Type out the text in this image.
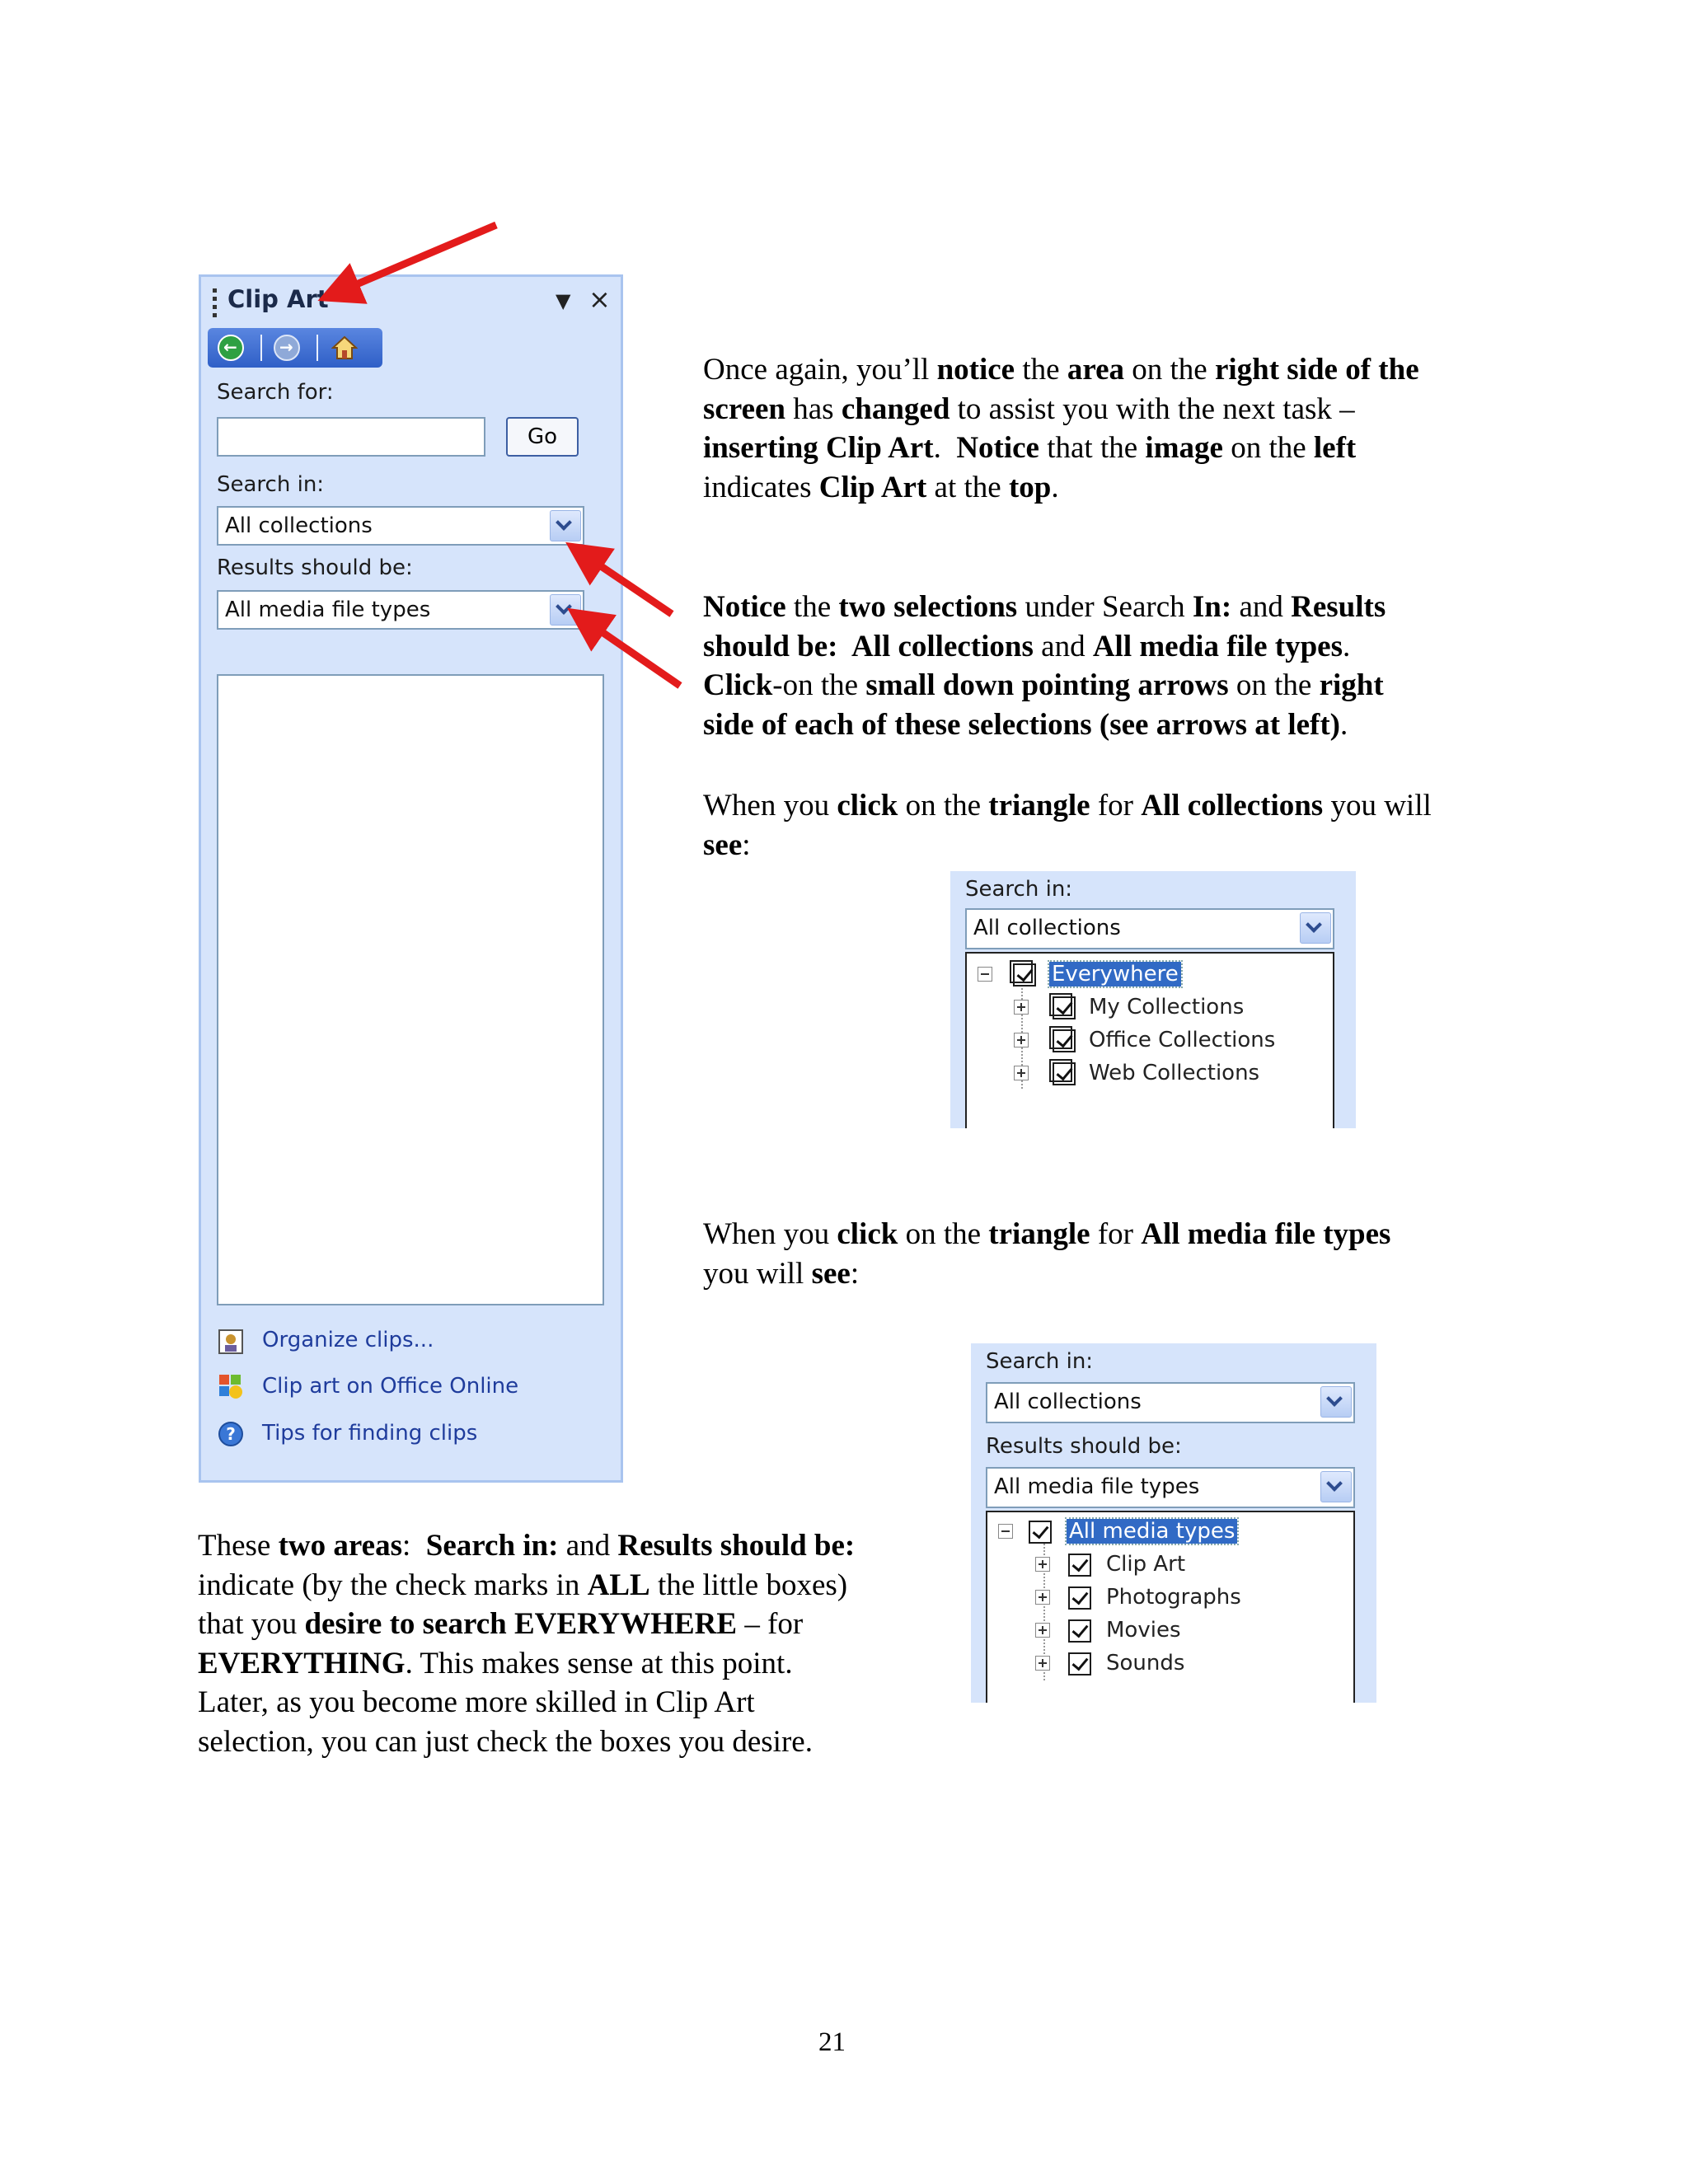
Clip Art	▼ ×
←	→
Search for:
Go
Search in:
All collections
Results should be:
All media file types
Organize clips...
Clip art on Office Online
? Tips for finding clips
Once again, you’ll notice the area on the right side of the
screen has changed to assist you with the next task –
inserting Clip Art.  Notice that the image on the left
indicates Clip Art at the top.
Notice the two selections under Search In: and Results
should be:  All collections and All media file types.
Click-on the small down pointing arrows on the right
side of each of these selections (see arrows at left).
When you click on the triangle for All collections you will
see:
When you click on the triangle for All media file types
you will see:
These two areas:  Search in: and Results should be:
indicate (by the check marks in ALL the little boxes)
that you desire to search EVERYWHERE – for
EVERYTHING. This makes sense at this point.
Later, as you become more skilled in Clip Art
selection, you can just check the boxes you desire.
21
Search in:
All collections
Everywhere
My Collections
Office Collections
Web Collections
Search in:
All collections
Results should be:
All media file types
All media types
Clip Art
Photographs
Movies
Sounds
